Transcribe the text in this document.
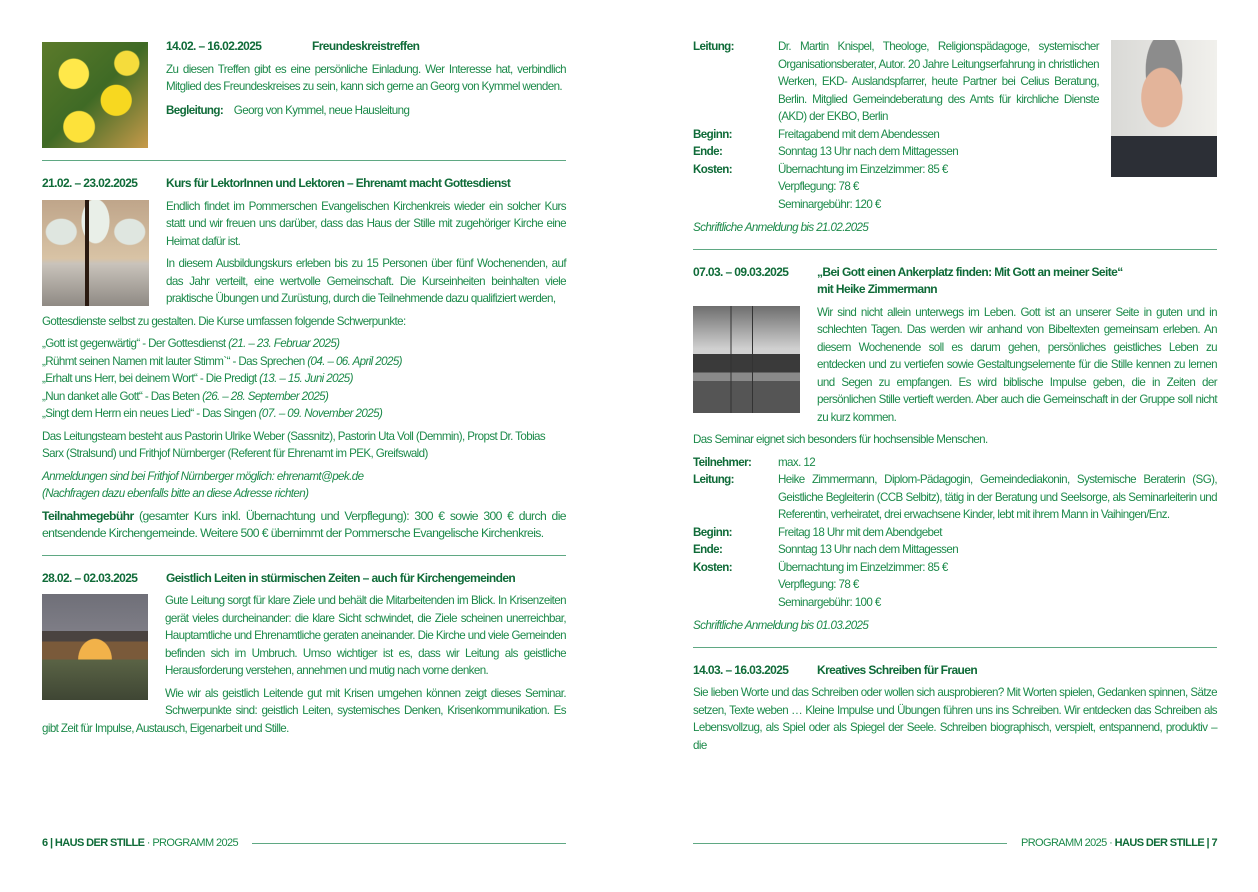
14.02. – 16.02.2025	Freundeskreistreffen

Zu diesen Treffen gibt es eine persönliche Einladung. Wer Interesse hat, verbindlich Mitglied des Freundeskreises zu sein, kann sich gerne an Georg von Kymmel wenden.

Begleitung: Georg von Kymmel, neue Hausleitung
21.02. – 23.02.2025	Kurs für LektorInnen und Lektoren – Ehrenamt macht Gottesdienst

Endlich findet im Pommerschen Evangelischen Kirchenkreis wieder ein solcher Kurs statt und wir freuen uns darüber, dass das Haus der Stille mit zugehöriger Kirche eine Heimat dafür ist.

In diesem Ausbildungskurs erleben bis zu 15 Personen über fünf Wochenenden, auf das Jahr verteilt, eine wertvolle Gemeinschaft. Die Kurseinheiten beinhalten viele praktische Übungen und Zurüstung, durch die Teilnehmende dazu qualifiziert werden,

Gottesdienste selbst zu gestalten. Die Kurse umfassen folgende Schwerpunkte:

„Gott ist gegenwärtig“ - Der Gottesdienst (21. – 23. Februar 2025)
„Rühmt seinen Namen mit lauter Stimm`“ - Das Sprechen (04. – 06. April 2025)
„Erhalt uns Herr, bei deinem Wort“ - Die Predigt (13. – 15. Juni 2025)
„Nun danket alle Gott“ - Das Beten (26. – 28. September 2025)
„Singt dem Herrn ein neues Lied“ - Das Singen (07. – 09. November 2025)

Das Leitungsteam besteht aus Pastorin Ulrike Weber (Sassnitz), Pastorin Uta Voll (Demmin), Propst Dr. Tobias Sarx (Stralsund) und Frithjof Nürnberger (Referent für Ehrenamt im PEK, Greifswald)

Anmeldungen sind bei Frithjof Nürnberger möglich: ehrenamt@pek.de
(Nachfragen dazu ebenfalls bitte an diese Adresse richten)
Teilnahmegebühr (gesamter Kurs inkl. Übernachtung und Verpflegung): 300 € sowie 300 € durch die entsendende Kirchengemeinde. Weitere 500 € übernimmt der Pommersche Evangelische Kirchenkreis.
28.02. – 02.03.2025	Geistlich Leiten in stürmischen Zeiten – auch für Kirchengemeinden

Gute Leitung sorgt für klare Ziele und behält die Mitarbeitenden im Blick. In Krisenzeiten gerät vieles durcheinander: die klare Sicht schwindet, die Ziele scheinen unerreichbar, Hauptamtliche und Ehrenamtliche geraten aneinander. Die Kirche und viele Gemeinden befinden sich im Umbruch. Umso wichtiger ist es, dass wir Leitung als geistliche Herausforderung verstehen, annehmen und mutig nach vorne denken.

Wie wir als geistlich Leitende gut mit Krisen umgehen können zeigt dieses Seminar. Schwerpunkte sind: geistlich Leiten, systemisches Denken, Krisenkommunikation. Es gibt Zeit für Impulse, Austausch, Eigenarbeit und Stille.

6 | HAUS DER STILLE · PROGRAMM 2025
Leitung:	Dr. Martin Knispel, Theologe, Religionspädagoge, systemischer Organisationsberater, Autor. 20 Jahre Leitungserfahrung in christlichen Werken, EKD- Auslandspfarrer, heute Partner bei Celius Beratung, Berlin. Mitglied Gemeindeberatung des Amts für kirchliche Dienste (AKD) der EKBO, Berlin
Beginn:	Freitagabend mit dem Abendessen
Ende:	Sonntag 13 Uhr nach dem Mittagessen
Kosten:	Übernachtung im Einzelzimmer: 85 €
Verpflegung: 78 €
Seminargebühr: 120 €
Schriftliche Anmeldung bis 21.02.2025
07.03. – 09.03.2025	„Bei Gott einen Ankerplatz finden: Mit Gott an meiner Seite“
mit Heike Zimmermann

Wir sind nicht allein unterwegs im Leben. Gott ist an unserer Seite in guten und in schlechten Tagen. Das werden wir anhand von Bibeltexten gemeinsam erleben. An diesem Wochenende soll es darum gehen, persönliches geistliches Leben zu entdecken und zu vertiefen sowie Gestaltungselemente für die Stille kennen zu lernen und Segen zu empfangen. Es wird biblische Impulse geben, die in Zeiten der persönlichen Stille vertieft werden. Aber auch die Gemeinschaft in der Gruppe soll nicht zu kurz kommen.

Das Seminar eignet sich besonders für hochsensible Menschen.

Teilnehmer:	max. 12
Leitung:	Heike Zimmermann, Diplom-Pädagogin, Gemeindediakonin, Systemische Beraterin (SG), Geistliche Begleiterin (CCB Selbitz), tätig in der Beratung und Seelsorge, als Seminarleiterin und Referentin, verheiratet, drei erwachsene Kinder, lebt mit ihrem Mann in Vaihingen/Enz.
Beginn:	Freitag 18 Uhr mit dem Abendgebet
Ende:	Sonntag 13 Uhr nach dem Mittagessen
Kosten:	Übernachtung im Einzelzimmer: 85 €
Verpflegung: 78 €
Seminargebühr: 100 €
Schriftliche Anmeldung bis 01.03.2025
14.03. – 16.03.2025	Kreatives Schreiben für Frauen

Sie lieben Worte und das Schreiben oder wollen sich ausprobieren? Mit Worten spielen, Gedanken spinnen, Sätze setzen, Texte weben … Kleine Impulse und Übungen führen uns ins Schreiben. Wir entdecken das Schreiben als Lebensvollzug, als Spiel oder als Spiegel der Seele. Schreiben biographisch, verspielt, entspannend, produktiv – die

PROGRAMM 2025 · HAUS DER STILLE | 7
